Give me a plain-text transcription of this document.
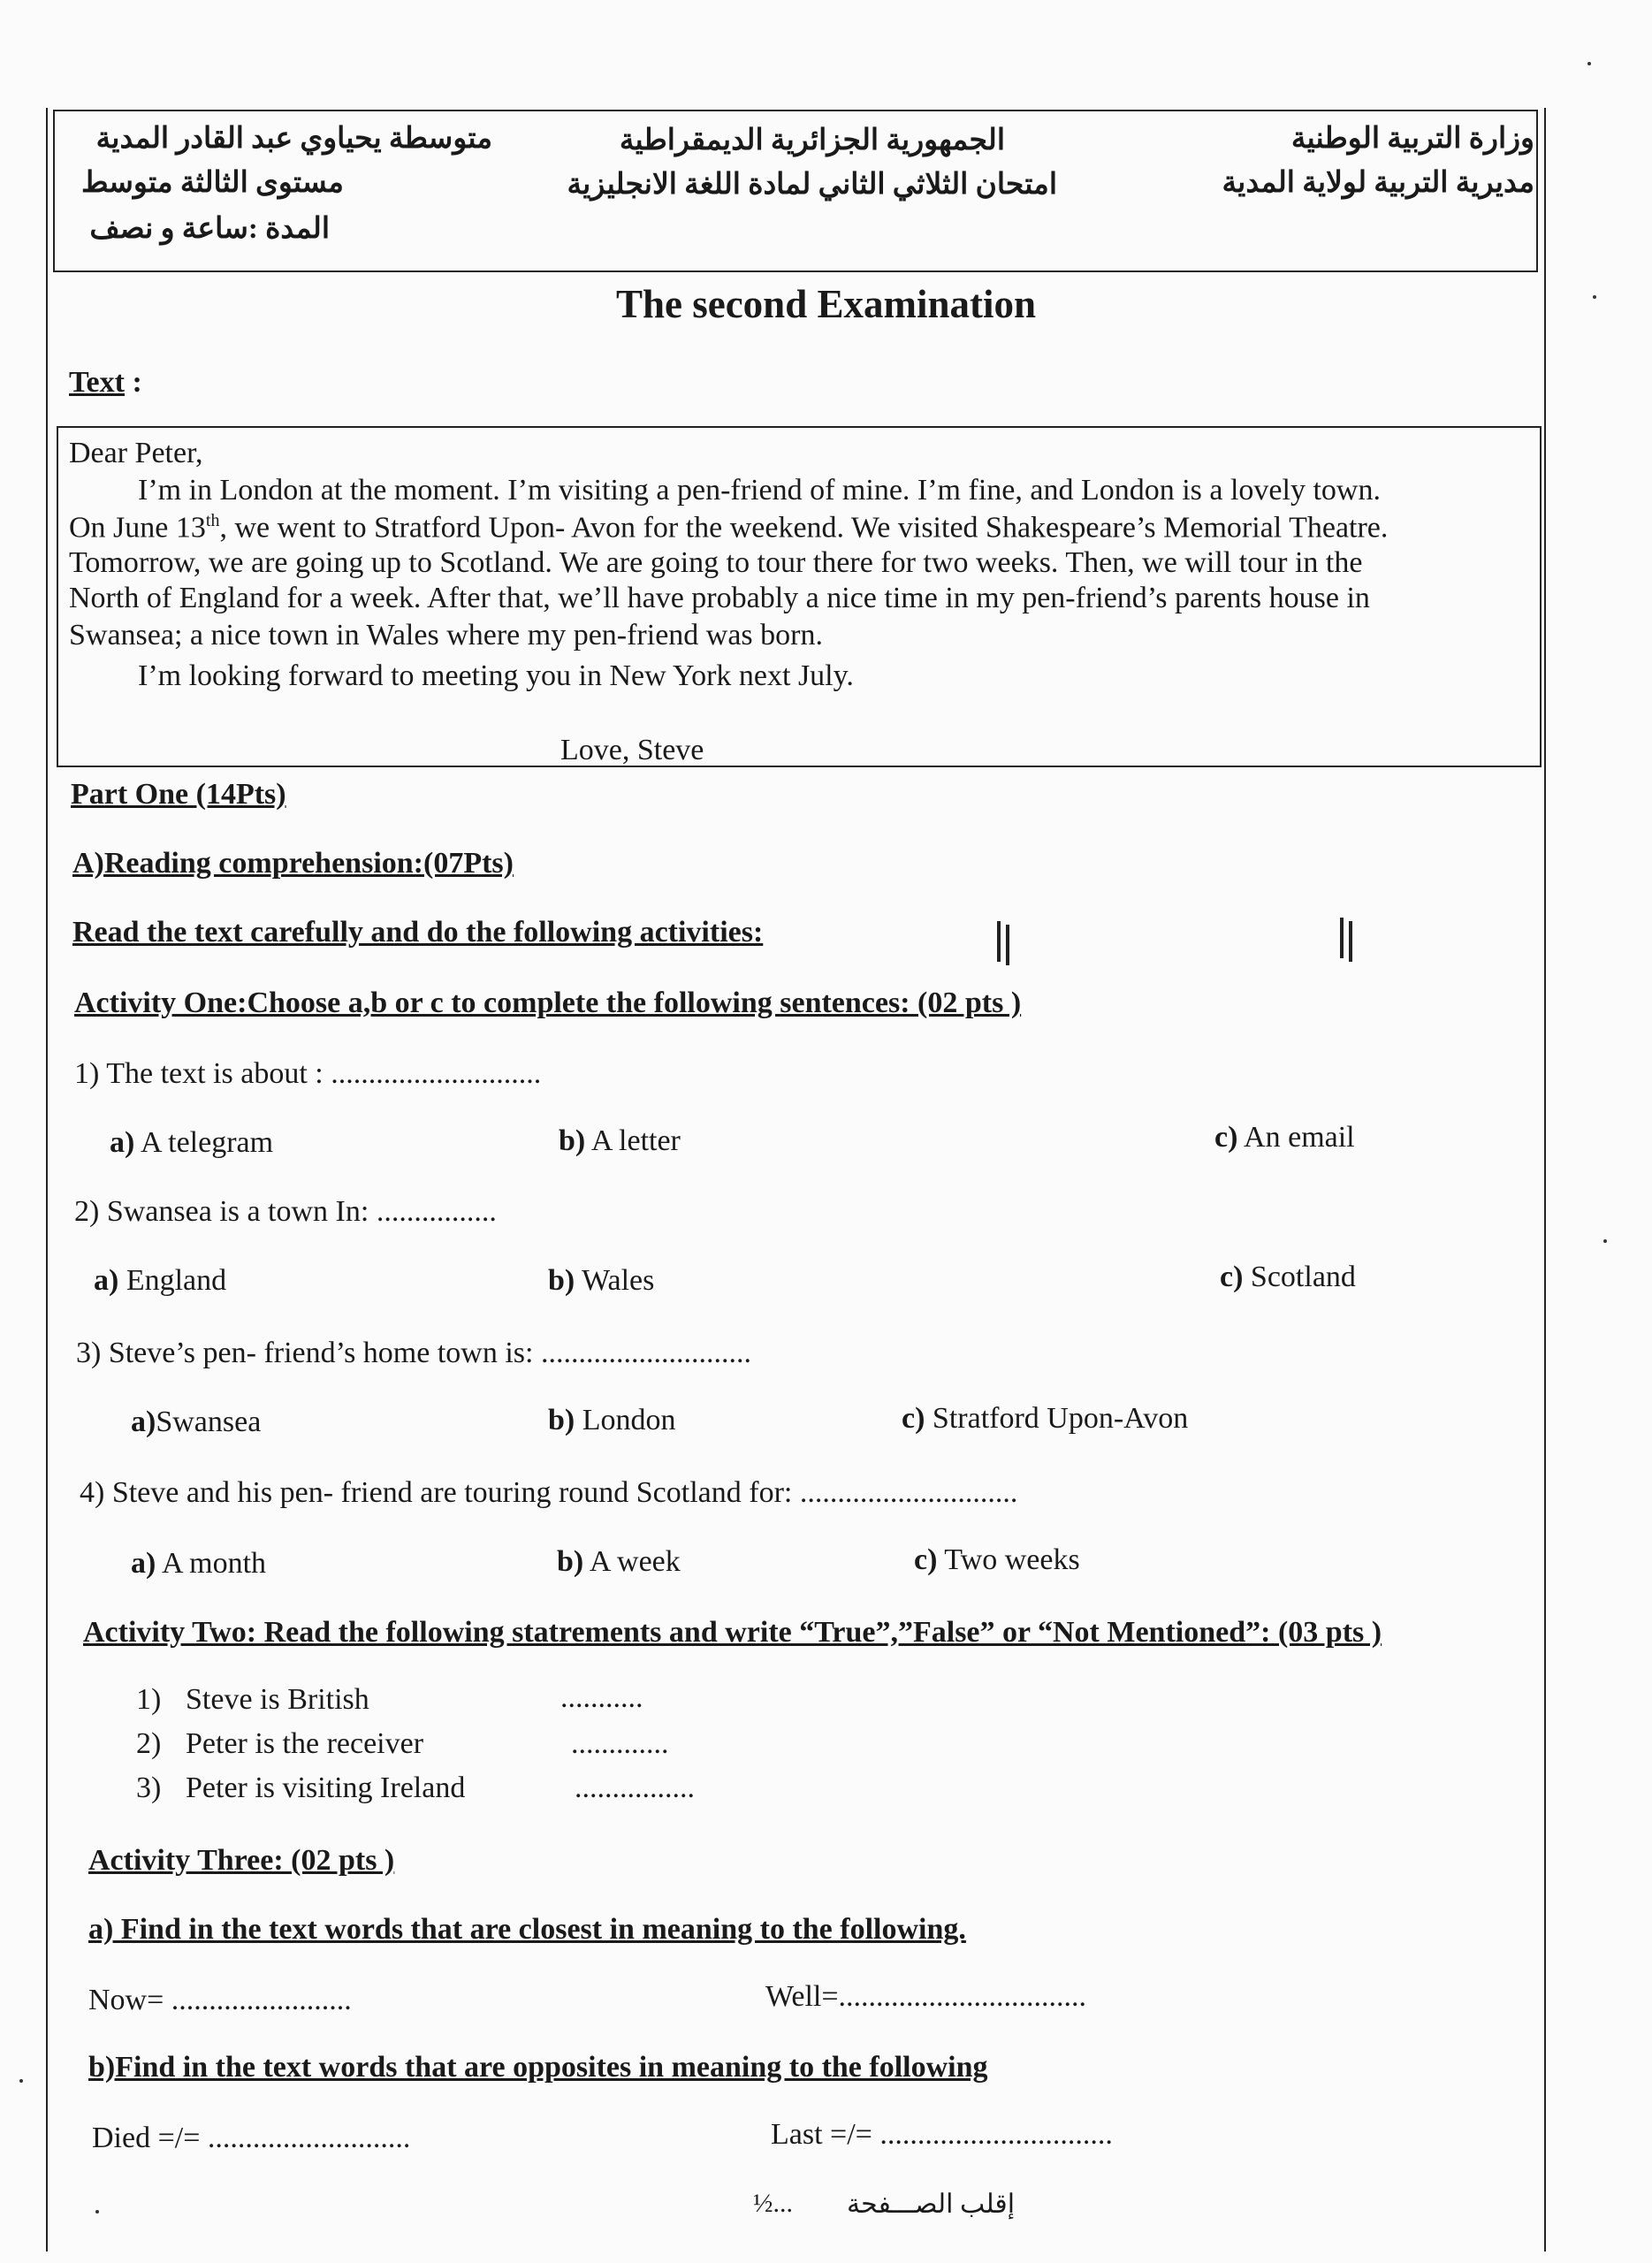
وزارة التربية الوطنية
مديرية التربية لولاية المدية
الجمهورية الجزائرية الديمقراطية
امتحان الثلاثي الثاني لمادة اللغة الانجليزية
متوسطة يحياوي عبد القادر المدية
مستوى الثالثة متوسط
المدة :ساعة و نصف
The second Examination
Text :
Dear Peter,
I’m in London at the moment. I’m visiting a pen-friend of mine. I’m fine, and London is a lovely town.
On June 13th, we went to Stratford Upon- Avon for the weekend. We visited Shakespeare’s Memorial Theatre.
Tomorrow, we are going up to Scotland. We are going to tour there for two weeks. Then, we will tour in the
North of England for a week. After that, we’ll have probably a nice time in my pen-friend’s parents house in
Swansea; a nice town in Wales where my pen-friend was born.
I’m looking forward to meeting you in New York next July.
Love, Steve
Part One (14Pts)
A)Reading comprehension:(07Pts)
Read the text carefully and do the following activities:
Activity One:Choose a,b or c to complete the following sentences: (02 pts )
1) The text is about : ............................
a) A telegram	b) A letter	c) An email
2) Swansea is a town In: ................
a) England	b) Wales	c) Scotland
3) Steve’s pen- friend’s home town is: ............................
a)Swansea	b) London	c) Stratford Upon-Avon
4) Steve and his pen- friend are touring round Scotland for: .............................
a) A month	b) A week	c) Two weeks
Activity Two: Read the following statrements and write “True”,”False” or “Not Mentioned”: (03 pts )
1) Steve is British	...........
2) Peter is the receiver	.............
3) Peter is visiting Ireland	................
Activity Three: (02 pts )
a) Find in the text words that are closest in meaning to the following.
Now= ........................	Well=.................................
b)Find in the text words that are opposites in meaning to the following
Died =/= ...........................	Last =/= ...............................
½... إقلب الصـــفحة
